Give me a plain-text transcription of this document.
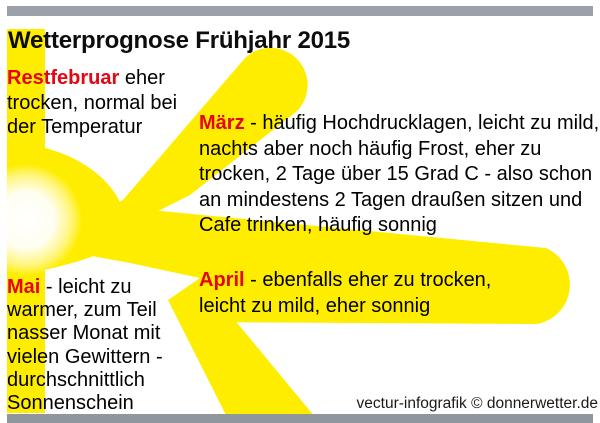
Wetterprognose Frühjahr 2015
Restfebruar eher trocken, normal bei der Temperatur	März - häufig Hochdrucklagen, leicht zu mild, nachts aber noch häufig Frost, eher zu trocken, 2 Tage über 15 Grad C - also schon an mindestens 2 Tagen draußen sitzen und Cafe trinken, häufig sonnig
April - ebenfalls eher zu trocken, leicht zu mild, eher sonnig
Mai - leicht zu warmer, zum Teil nasser Monat mit vielen Gewittern - durchschnittlich Sonnenschein	vectur-infografik © donnerwetter.de
